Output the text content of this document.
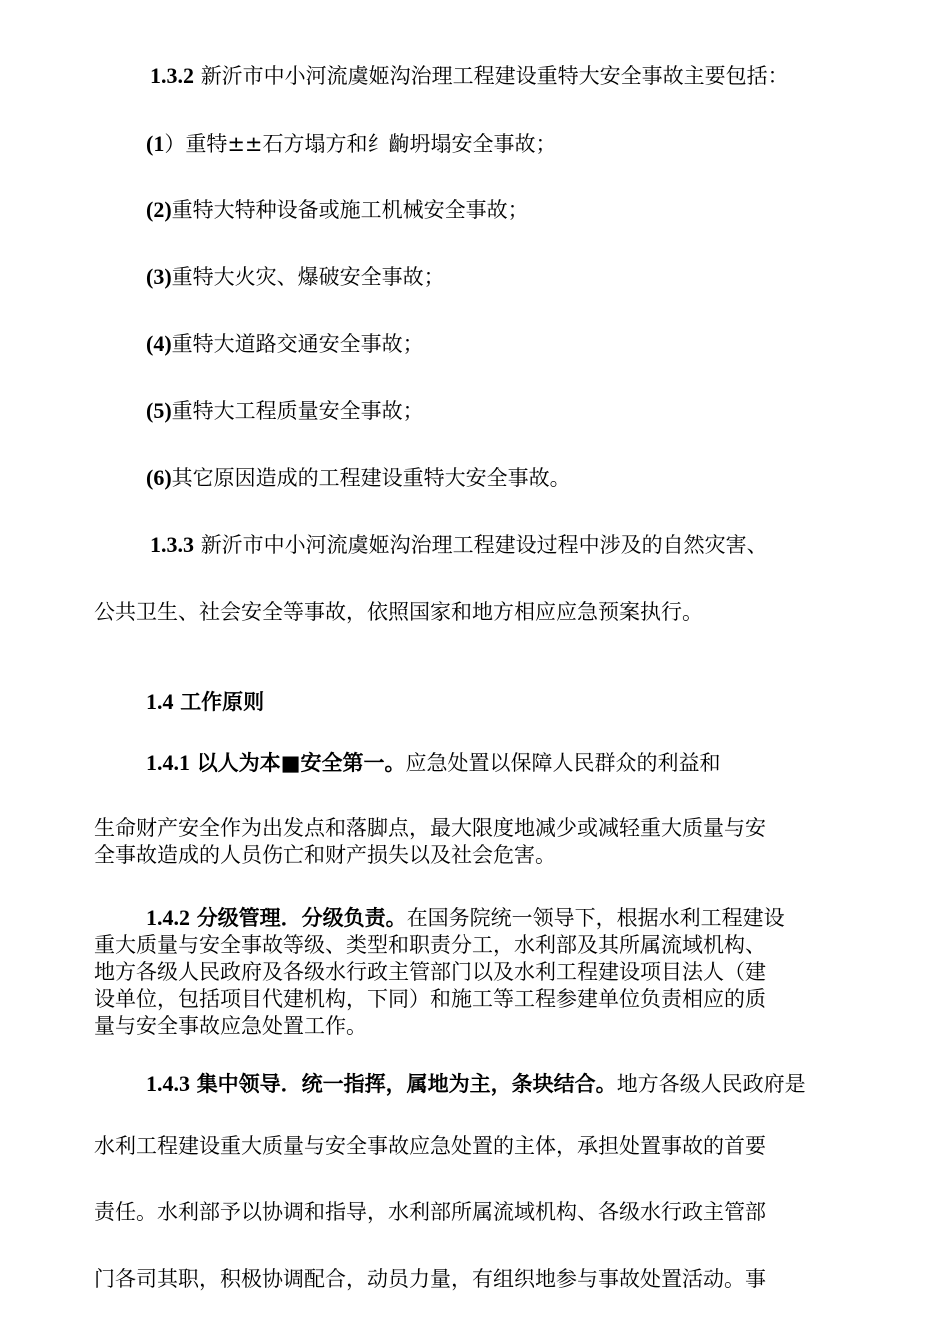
1.3.2 新沂市中小河流虞姬沟治理工程建设重特大安全事故主要包括：
(1）重特±±石方塌方和纟齣坍塌安全事故；
(2)重特大特种设备或施工机械安全事故；
(3)重特大火灾、爆破安全事故；
(4)重特大道路交通安全事故；
(5)重特大工程质量安全事故；
(6)其它原因造成的工程建设重特大安全事故。
1.3.3 新沂市中小河流虞姬沟治理工程建设过程中涉及的自然灾害、
公共卫生、社会安全等事故，依照国家和地方相应应急预案执行。
1.4 工作原则
1.4.1 以人为本■安全第一。应急处置以保障人民群众的利益和
生命财产安全作为出发点和落脚点，最大限度地减少或减轻重大质量与安
全事故造成的人员伤亡和财产损失以及社会危害。
1.4.2 分级管理．分级负责。在国务院统一领导下，根据水利工程建设
重大质量与安全事故等级、类型和职责分工，水利部及其所属流域机构、
地方各级人民政府及各级水行政主管部门以及水利工程建设项目法人（建
设单位，包括项目代建机构，下同）和施工等工程参建单位负责相应的质
量与安全事故应急处置工作。
1.4.3 集中领导．统一指挥，属地为主，条块结合。地方各级人民政府是
水利工程建设重大质量与安全事故应急处置的主体，承担处置事故的首要
责任。水利部予以协调和指导，水利部所属流域机构、各级水行政主管部
门各司其职，积极协调配合，动员力量，有组织地参与事故处置活动。事
